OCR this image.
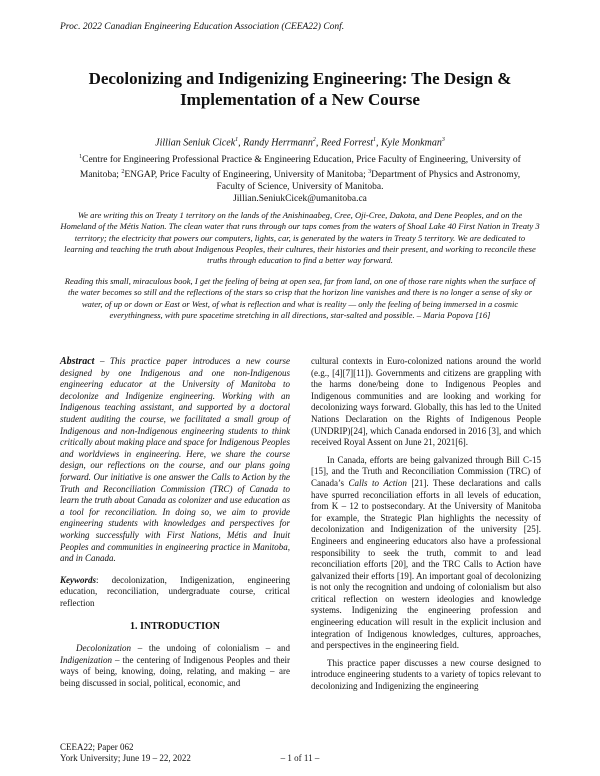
Proc. 2022 Canadian Engineering Education Association (CEEA22) Conf.
Decolonizing and Indigenizing Engineering: The Design &
Implementation of a New Course
Jillian Seniuk Cicek$^1$, Randy Herrmann$^2$, Reed Forrest$^1$, Kyle Monkman$^3$
$^1$Centre for Engineering Professional Practice & Engineering Education, Price Faculty of Engineering, University of
Manitoba; $^2$ENGAP, Price Faculty of Engineering, University of Manitoba; $^3$Department of Physics and Astronomy,
Faculty of Science, University of Manitoba.
Jillian.SeniukCicek@umanitoba.ca
We are writing this on Treaty 1 territory on the lands of the Anishinaabeg, Cree, Oji-Cree, Dakota, and Dene Peoples, and on the Homeland of the Métis Nation. The clean water that runs through our taps comes from the waters of Shoal Lake 40 First Nation in Treaty 3 territory; the electricity that powers our computers, lights, car, is generated by the waters in Treaty 5 territory. We are dedicated to learning and teaching the truth about Indigenous Peoples, their cultures, their histories and their present, and working to reconcile these truths through education to find a better way forward.
Reading this small, miraculous book, I get the feeling of being at open sea, far from land, on one of those rare nights when the surface of the water becomes so still and the reflections of the stars so crisp that the horizon line vanishes and there is no longer a sense of sky or water, of up or down or East or West, of what is reflection and what is reality — only the feeling of being immersed in a cosmic everythingness, with pure spacetime stretching in all directions, star-salted and possible. – Maria Popova [16]
Abstract – This practice paper introduces a new course designed by one Indigenous and one non-Indigenous engineering educator at the University of Manitoba to decolonize and Indigenize engineering. Working with an Indigenous teaching assistant, and supported by a doctoral student auditing the course, we facilitated a small group of Indigenous and non-Indigenous engineering students to think critically about making place and space for Indigenous Peoples and worldviews in engineering. Here, we share the course design, our reflections on the course, and our plans going forward. Our initiative is one answer the Calls to Action by the Truth and Reconciliation Commission (TRC) of Canada to learn the truth about Canada as colonizer and use education as a tool for reconciliation. In doing so, we aim to provide engineering students with knowledges and perspectives for working successfully with First Nations, Métis and Inuit Peoples and communities in engineering practice in Manitoba, and in Canada.
Keywords: decolonization, Indigenization, engineering education, reconciliation, undergraduate course, critical reflection
1. INTRODUCTION

Decolonization – the undoing of colonialism – and Indigenization – the centering of Indigenous Peoples and their ways of being, knowing, doing, relating, and making – are being discussed in social, political, economic, and

cultural contexts in Euro-colonized nations around the world (e.g., [4][7][11]). Governments and citizens are grappling with the harms done/being done to Indigenous Peoples and Indigenous communities and are looking and working for decolonizing ways forward. Globally, this has led to the United Nations Declaration on the Rights of Indigenous People (UNDRIP)[24], which Canada endorsed in 2016 [3], and which received Royal Assent on June 21, 2021[6].

In Canada, efforts are being galvanized through Bill C-15 [15], and the Truth and Reconciliation Commission (TRC) of Canada’s Calls to Action [21]. These declarations and calls have spurred reconciliation efforts in all levels of education, from K – 12 to postsecondary. At the University of Manitoba for example, the Strategic Plan highlights the necessity of decolonization and Indigenization of the university [25]. Engineers and engineering educators also have a professional responsibility to seek the truth, commit to and lead reconciliation efforts [20], and the TRC Calls to Action have galvanized their efforts [19]. An important goal of decolonizing is not only the recognition and undoing of colonialism but also critical reflection on western ideologies and knowledge systems. Indigenizing the engineering profession and engineering education will result in the explicit inclusion and integration of Indigenous knowledges, cultures, approaches, and perspectives in the engineering field.

This practice paper discusses a new course designed to introduce engineering students to a variety of topics relevant to decolonizing and Indigenizing the engineering

CEEA22; Paper 062
York University; June 19 – 22, 2022	– 1 of 11 –
